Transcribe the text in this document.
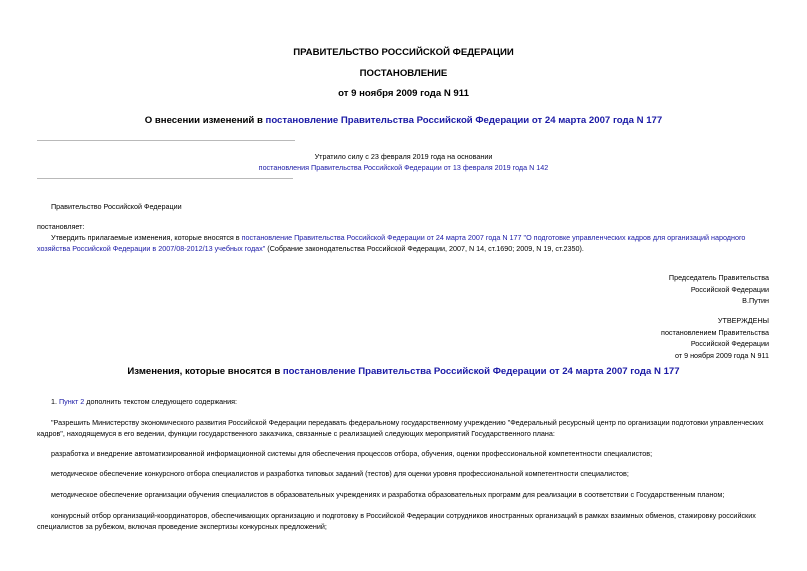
ПРАВИТЕЛЬСТВО РОССИЙСКОЙ ФЕДЕРАЦИИ
ПОСТАНОВЛЕНИЕ
от 9 ноября 2009 года N 911
О внесении изменений в постановление Правительства Российской Федерации от 24 марта 2007 года N 177
Утратило силу с 23 февраля 2019 года на основании
постановления Правительства Российской Федерации от 13 февраля 2019 года N 142
Правительство Российской Федерации
постановляет:
Утвердить прилагаемые изменения, которые вносятся в постановление Правительства Российской Федерации от 24 марта 2007 года N 177 "О подготовке управленческих кадров для организаций народного хозяйства Российской Федерации в 2007/08-2012/13 учебных годах" (Собрание законодательства Российской Федерации, 2007, N 14, ст.1690; 2009, N 19, ст.2350).
Председатель Правительства
Российской Федерации
В.Путин
УТВЕРЖДЕНЫ
постановлением Правительства
Российской Федерации
от 9 ноября 2009 года N 911
Изменения, которые вносятся в постановление Правительства Российской Федерации от 24 марта 2007 года N 177
1. Пункт 2 дополнить текстом следующего содержания:
"Разрешить Министерству экономического развития Российской Федерации передавать федеральному государственному учреждению "Федеральный ресурсный центр по организации подготовки управленческих кадров", находящемуся в его ведении, функции государственного заказчика, связанные с реализацией следующих мероприятий Государственного плана:
разработка и внедрение автоматизированной информационной системы для обеспечения процессов отбора, обучения, оценки профессиональной компетентности специалистов;
методическое обеспечение конкурсного отбора специалистов и разработка типовых заданий (тестов) для оценки уровня профессиональной компетентности специалистов;
методическое обеспечение организации обучения специалистов в образовательных учреждениях и разработка образовательных программ для реализации в соответствии с Государственным планом;
конкурсный отбор организаций-координаторов, обеспечивающих организацию и подготовку в Российской Федерации сотрудников иностранных организаций в рамках взаимных обменов, стажировку российских специалистов за рубежом, включая проведение экспертизы конкурсных предложений;
